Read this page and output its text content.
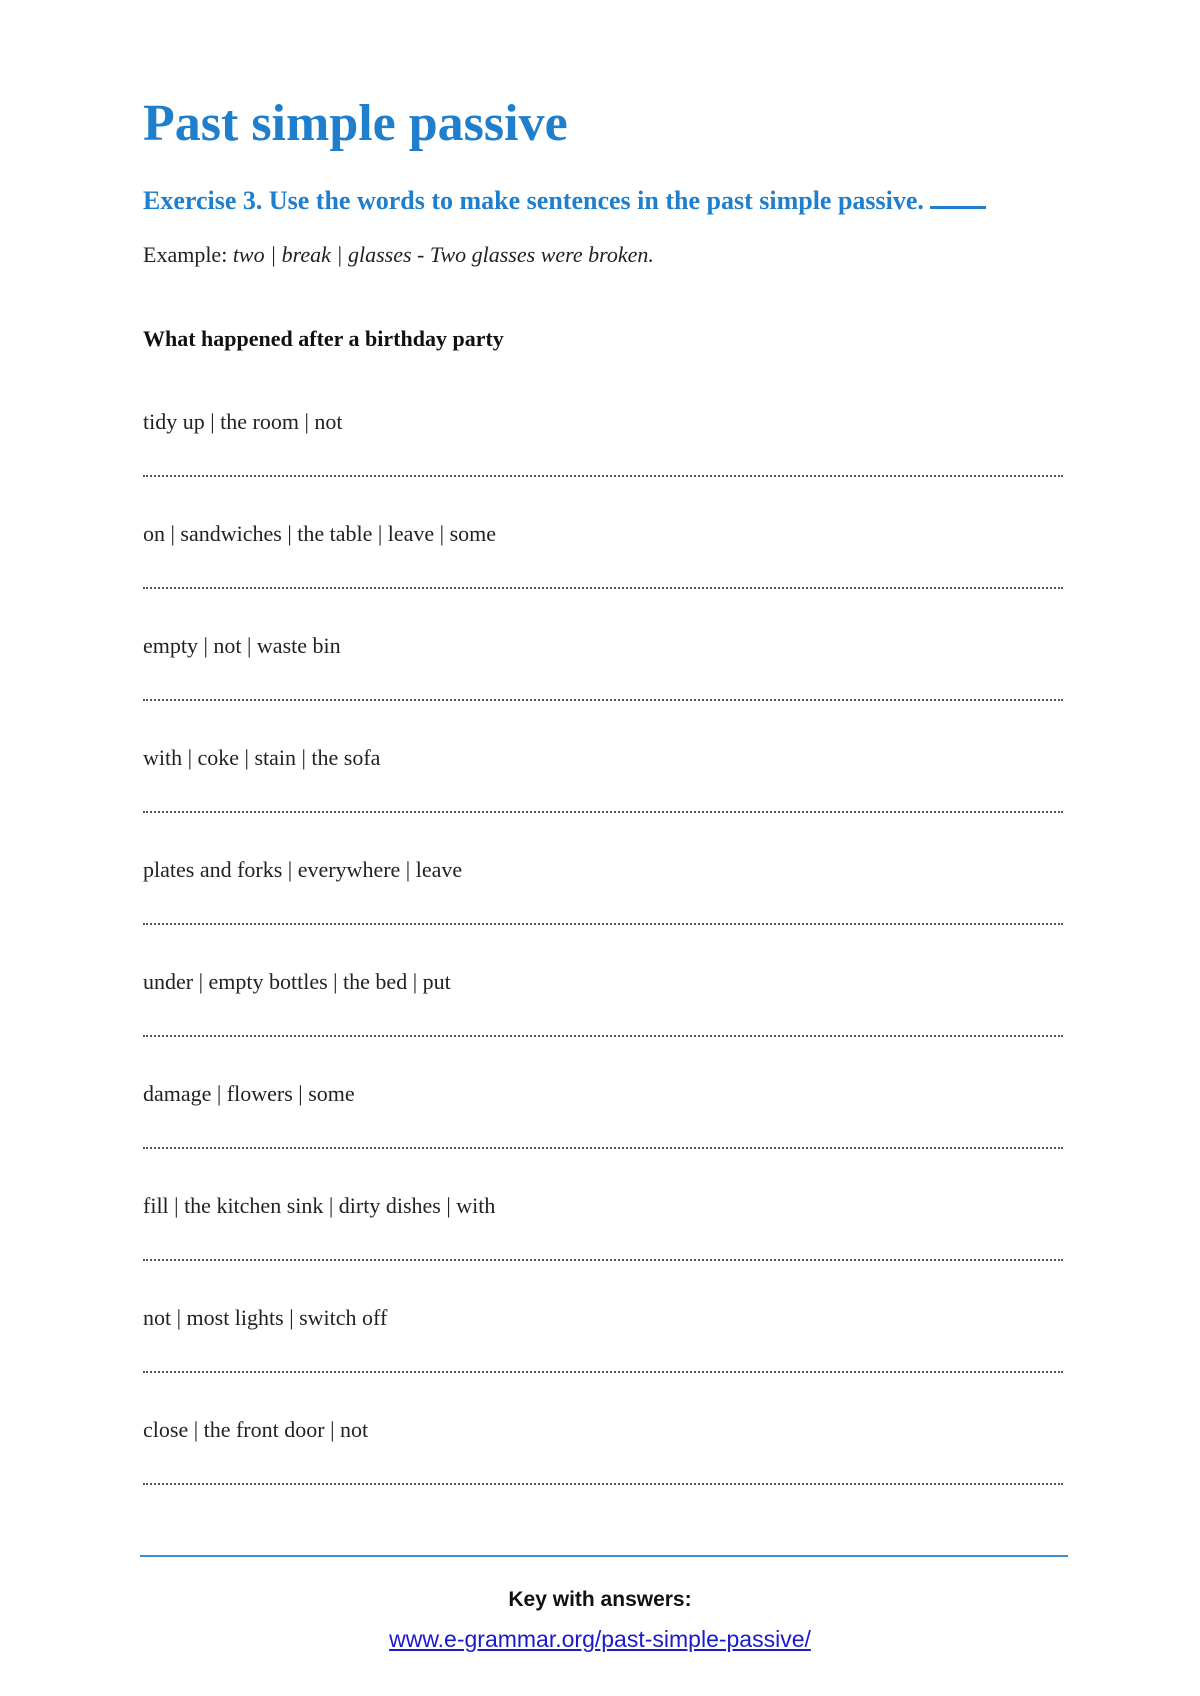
Past simple passive
Exercise 3. Use the words to make sentences in the past simple passive.
Example: two | break | glasses - Two glasses were broken.
What happened after a birthday party
tidy up | the room | not
on | sandwiches | the table | leave | some
empty | not | waste bin
with | coke | stain | the sofa
plates and forks | everywhere | leave
under | empty bottles | the bed | put
damage | flowers | some
fill | the kitchen sink | dirty dishes | with
not | most lights | switch off
close | the front door | not
Key with answers:
www.e-grammar.org/past-simple-passive/
